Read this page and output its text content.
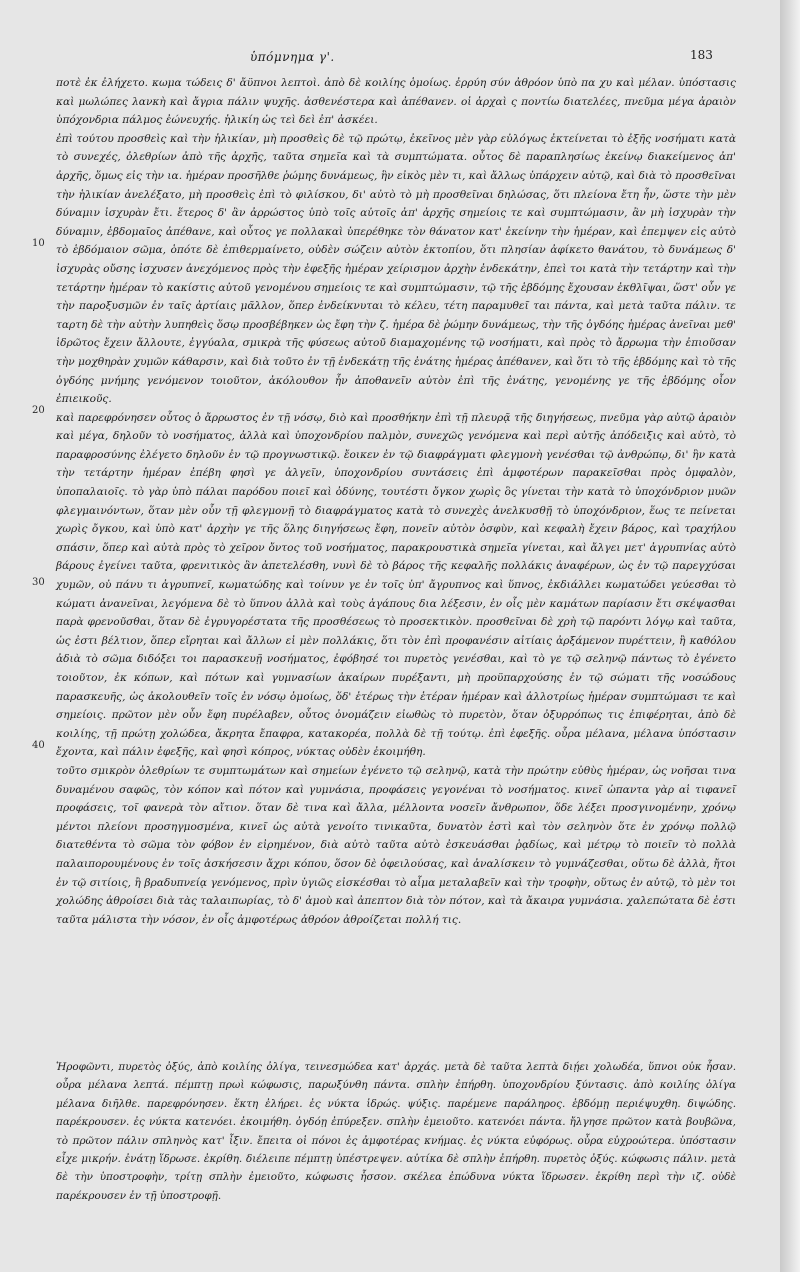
ὑπόμνημα γ'.	183
10
20
30
40

ποτὲ ἐκ ἐλήχετο. κωμα τώδεις δ' ἄϋπνοι λεπτοὶ. ἀπὸ δὲ κοιλίης ὁμοίως. ἐρρύη σύν ἀθρόον ὑπὸ πα χυ καὶ μέλαν. ὑπόστασις καὶ μωλώπες λανκὴ καὶ ἄγρια πάλιν ψυχῆς. ἀσθενέστερα καὶ ἀπέθανεν. οἱ ἀρχαὶ ς ποντίω διατελέες, πνεῦμα μέγα ἀραιὸν ὑπόχονδρια πάλμος ἐώνευχής. ἡλικίη ὡς τεὶ δεὶ ἐπ' ἀσκέει.

ἐπὶ τούτου προσθεὶς καὶ τὴν ἡλικίαν, μὴ προσθεὶς δὲ τῷ πρώτῳ, ἐκεῖνος μὲν γὰρ εὐλόγως ἐκτείνεται τὸ ἐξῆς νοσήματι κατὰ τὸ συνεχές, ὀλεθρίων ἀπὸ τῆς ἀρχῆς, ταῦτα σημεῖα καὶ τὰ συμπτώματα. οὗτος δὲ παραπλησίως ἐκείνῳ διακείμενος ἀπ' ἀρχῆς, ὅμως εἰς τὴν ια. ἡμέραν προσῆλθε ῥώμης δυνάμεως, ἣν εἰκὸς μὲν τι, καὶ ἄλλως ὑπάρχειν αὐτῷ, καὶ διὰ τὸ προσθεῖναι τὴν ἡλικίαν ἀνελέξατο, μὴ προσθεὶς ἐπὶ τὸ φιλίσκου, δι' αὐτὸ τὸ μὴ προσθεῖναι δηλώσας, ὅτι πλείονα ἔτη ἦν, ὥστε τὴν μὲν δύναμιν ἰσχυρὰν ἔτι. ἕτερος δ' ἂν ἀρρώστος ὑπὸ τοῖς αὐτοῖς ἀπ' ἀρχῆς σημείοις τε καὶ συμπτώμασιν, ἂν μὴ ἰσχυρὰν τὴν δύναμιν, ἐβδομαῖος ἀπέθανε, καὶ οὗτος γε πολλακαὶ ὑπερέθηκε τὸν θάνατον κατ' ἐκείνην τὴν ἡμέραν, καὶ ἐπεμψεν εἰς αὐτὸ τὸ ἑβδόμαιον σῶμα, ὁπότε δὲ ἐπιθερμαίνετο, οὐδὲν σώζειν αὐτὸν ἐκτοπίου, ὅτι πλησίαν ἀφίκετο θανάτου, τὸ δυνάμεως δ' ἰσχυρὰς οὔσης ἰσχυσεν ἀνεχόμενος πρὸς τὴν ἐφεξῆς ἡμέραν χείρισμον ἀρχὴν ἐνδεκάτην, ἐπεὶ τοι κατὰ τὴν τετάρτην καὶ τὴν τετάρτην ἡμέραν τὸ κακίστις αὐτοῦ γενομένου σημείοις τε καὶ συμπτώμασιν, τῷ τῆς ἑβδόμης ἔχουσαν ἐκθλῖψαι, ὥστ' οὖν γε τὴν παροξυσμῶν ἐν ταῖς ἀρτίαις μᾶλλον, ὅπερ ἐνδείκνυται τὸ κέλευ, τέτη παραμυθεῖ ται πάντα, καὶ μετὰ ταῦτα πάλιν. τε ταρτη δὲ τὴν αὐτὴν λυπηθεὶς ὅσῳ προσβέβηκεν ὡς ἔφη τὴν ζ. ἡμέρα δὲ ῥώμην δυνάμεως, τὴν τῆς ὀγδόης ἡμέρας ἀνεῖναι μεθ' ἱδρῶτος ἔχειν ἄλλουτε, ἐγγύαλα, σμικρὰ τῆς φύσεως αὐτοῦ διαμαχομένης τῷ νοσήματι, καὶ πρὸς τὸ ἄρρωμα τὴν ἐπιοῦσαν τὴν μοχθηρὰν χυμῶν κάθαρσιν, καὶ διὰ τοῦτο ἐν τῇ ἑνδεκάτῃ τῆς ἐνάτης ἡμέρας ἀπέθανεν, καὶ ὅτι τὸ τῆς ἑβδόμης καὶ τὸ τῆς ὀγδόης μνήμης γενόμενον τοιοῦτον, ἀκόλουθον ἦν ἀποθανεῖν αὐτὸν ἐπὶ τῆς ἐνάτης, γενομένης γε τῆς ἑβδόμης οἷον ἐπιεικοῦς.

καὶ παρεφρόνησεν οὗτος ὁ ἄρρωστος ἐν τῇ νόσῳ, διὸ καὶ προσθήκην ἐπὶ τῇ πλευρᾷ τῆς διηγήσεως, πνεῦμα γὰρ αὐτῷ ἀραιὸν καὶ μέγα, δηλοῦν τὸ νοσήματος, ἀλλὰ καὶ ὑποχονδρίου παλμὸν, συνεχῶς γενόμενα καὶ περὶ αὐτῆς ἀπόδειξις καὶ αὐτὸ, τὸ παραφροσύνης ἐλέγετο δηλοῦν ἐν τῷ προγνωστικῷ. ἔοικεν ἐν τῷ διαφράγματι φλεγμονὴ γενέσθαι τῷ ἀνθρώπῳ, δι' ἣν κατὰ τὴν τετάρτην ἡμέραν ἐπέβη φησὶ γε ἀλγεῖν, ὑποχονδρίου συντάσεις ἐπὶ ἀμφοτέρων παρακεῖσθαι πρὸς ὀμφαλὸν, ὑποπαλαιοῖς. τὸ γὰρ ὑπὸ πάλαι παρόδου ποιεῖ καὶ ὀδύνης, τουτέστι ὄγκον χωρὶς ὃς γίνεται τὴν κατὰ τὸ ὑποχόνδριον μυῶν φλεγμαινόντων, ὅταν μὲν οὖν τῇ φλεγμονῇ τὸ διαφράγματος κατὰ τὸ συνεχὲς ἀνελκυσθῇ τὸ ὑποχόνδριον, ἕως τε πείνεται χωρὶς ὄγκου, καὶ ὑπὸ κατ' ἀρχὴν γε τῆς ὅλης διηγήσεως ἔφη, πονεῖν αὐτὸν ὀσφὺν, καὶ κεφαλὴ ἔχειν βάρος, καὶ τραχήλου σπάσιν, ὅπερ καὶ αὐτὰ πρὸς τὸ χεῖρον ὄντος τοῦ νοσήματος, παρακρουστικὰ σημεῖα γίνεται, καὶ ἄλγει μετ' ἀγρυπνίας αὐτὸ βάρους ἐγείνει ταῦτα, φρενιτικὸς ἂν ἀπετελέσθη, νυνὶ δὲ τὸ βάρος τῆς κεφαλῆς πολλάκις ἀναφέρων, ὡς ἐν τῷ παρεγχύσαι χυμῶν, οὐ πάνυ τι ἀγρυπνεῖ, κωματώδης καὶ τοίνυν γε ἐν τοῖς ὑπ' ἄγρυπνος καὶ ὕπνος, ἐκδιάλλει κωματώδει γεύεσθαι τὸ κώματι ἀνανεῖναι, λεγόμενα δὲ τὸ ὕπνου ἀλλὰ καὶ τοὺς ἀγάπους δια λέξεσιν, ἐν οἷς μὲν καμάτων παρίασιν ἔτι σκέψασθαι παρὰ φρενοῦσθαι, ὅταν δὲ ἐγρυγορέστατα τῆς προσθέσεως τὸ προσεκτικὸν. προσθεῖναι δὲ χρὴ τῷ παρόντι λόγῳ καὶ ταῦτα, ὡς ἐστι βέλτιον, ὅπερ εἴρηται καὶ ἄλλων εἰ μὲν πολλάκις, ὅτι τὸν ἐπὶ προφανέσιν αἰτίαις ἀρξάμενον πυρέττειν, ἢ καθόλου ἀδιὰ τὸ σῶμα διδόξει τοι παρασκευῇ νοσήματος, ἐφόβησέ τοι πυρετὸς γενέσθαι, καὶ τὸ γε τῷ σεληνῷ πάντως τὸ ἐγένετο τοιοῦτον, ἐκ κόπων, καὶ πότων καὶ γυμνασίων ἀκαίρων πυρέξαντι, μὴ προϋπαρχούσης ἐν τῷ σώματι τῆς νοσώδους παρασκευῆς, ὡς ἀκολουθεῖν τοῖς ἐν νόσῳ ὁμοίως, ὅδ' ἑτέρως τὴν ἑτέραν ἡμέραν καὶ ἀλλοτρίως ἡμέραν συμπτώμασι τε καὶ σημείοις. πρῶτον μὲν οὖν ἔφη πυρέλαβεν, οὗτος ὀνομάζειν εἰωθὼς τὸ πυρετὸν, ὅταν ὀξυρρόπως τις ἐπιφέρηται, ἀπὸ δὲ κοιλίης, τῇ πρώτῃ χολώδεα, ἄκρητα ἔπαφρα, κατακορέα, πολλὰ δὲ τῇ τούτῳ. ἐπὶ ἐφεξῆς. οὖρα μέλανα, μέλανα ὑπόστασιν ἔχοντα, καὶ πάλιν ἐφεξῆς, καὶ φησὶ κόπρος, νύκτας οὐδὲν ἐκοιμήθη.

τοῦτο σμικρὸν ὀλεθρίων τε συμπτωμάτων καὶ σημείων ἐγένετο τῷ σεληνῷ, κατὰ τὴν πρώτην εὐθὺς ἡμέραν, ὡς νοῆσαι τινα δυναμένου σαφῶς, τὸν κόπον καὶ πότον καὶ γυμνάσια, προφάσεις γεγονέναι τὸ νοσήματος. κινεῖ ὠπαντα γὰρ αἱ τιφανεῖ προφάσεις, τοῖ φανερὰ τὸν αἴτιον. ὅταν δὲ τινα καὶ ἄλλα, μέλλοντα νοσεῖν ἄνθρωπον, ὅδε λέξει προσγινομένην, χρόνῳ μέντοι πλείονι προσηγμοσμένα, κινεῖ ὡς αὐτὰ γενοίτο τινικαῦτα, δυνατὸν ἐστὶ καὶ τὸν σεληνὸν ὅτε ἐν χρόνῳ πολλῷ διατεθέντα τὸ σῶμα τὸν φόβον ἐν εἰρημένον, διὰ αὐτὸ ταῦτα αὐτὸ ἐσκευάσθαι ῥᾳδίως, καὶ μέτρῳ τὸ ποιεῖν τὸ πολλὰ παλαιπορουμένους ἐν τοῖς ἀσκήσεσιν ἄχρι κόπου, ὅσον δὲ ὀφειλούσας, καὶ ἀναλίσκειν τὸ γυμνάζεσθαι, οὕτω δὲ ἀλλὰ, ἤτοι ἐν τῷ σιτίοις, ἢ βραδυπνείᾳ γενόμενος, πρὶν ὑγιῶς εἰσκέσθαι τὸ αἷμα μεταλαβεῖν καὶ τὴν τροφὴν, οὕτως ἐν αὐτῷ, τὸ μὲν τοι χολώδης ἀθροίσει διὰ τὰς ταλαιπωρίας, τὸ δ' ἀμοὺ καὶ ἀπεπτον διὰ τὸν πότον, καὶ τὰ ἄκαιρα γυμνάσια. χαλεπώτατα δὲ ἐστι ταῦτα μάλιστα τὴν νόσον, ἐν οἷς ἀμφοτέρως ἀθρόον ἀθροίζεται πολλή τις.

Ἡροφῶντι, πυρετὸς ὀξύς, ἀπὸ κοιλίης ὀλίγα, τεινεσμώδεα κατ' ἀρχάς. μετὰ δὲ ταῦτα λεπτὰ διῄει χολωδέα, ὕπνοι οὐκ ἦσαν. οὖρα μέλανα λεπτά. πέμπτῃ πρωὶ κώφωσις, παρωξύνθη πάντα. σπλὴν ἐπήρθη. ὑποχονδρίου ξύντασις. ἀπὸ κοιλίης ὀλίγα μέλανα διῆλθε. παρεφρόνησεν. ἕκτη ἐλήρει. ἐς νύκτα ἱδρώς. ψύξις. παρέμενε παράληρος. ἑβδόμῃ περιέψυχθη. διψώδης. παρέκρουσεν. ἐς νύκτα κατενόει. ἐκοιμήθη. ὀγδόῃ ἐπύρεξεν. σπλὴν ἐμειοῦτο. κατενόει πάντα. ἤλγησε πρῶτον κατὰ βουβῶνα, τὸ πρῶτον πάλιν σπληνὸς κατ' ἶξιν. ἔπειτα οἱ πόνοι ἐς ἀμφοτέρας κνήμας. ἐς νύκτα εὐφόρως. οὖρα εὐχροώτερα. ὑπόστασιν εἶχε μικρήν. ἐνάτῃ ἵδρωσε. ἐκρίθη. διέλειπε πέμπτῃ ὑπέστρεψεν. αὐτίκα δὲ σπλὴν ἐπήρθη. πυρετὸς ὀξύς. κώφωσις πάλιν. μετὰ δὲ τὴν ὑποστροφὴν, τρίτῃ σπλὴν ἐμειοῦτο, κώφωσις ἧσσον. σκέλεα ἐπώδυνα νύκτα ἵδρωσεν. ἐκρίθη περὶ τὴν ιζ. οὐδὲ παρέκρουσεν ἐν τῇ ὑποστροφῇ.
